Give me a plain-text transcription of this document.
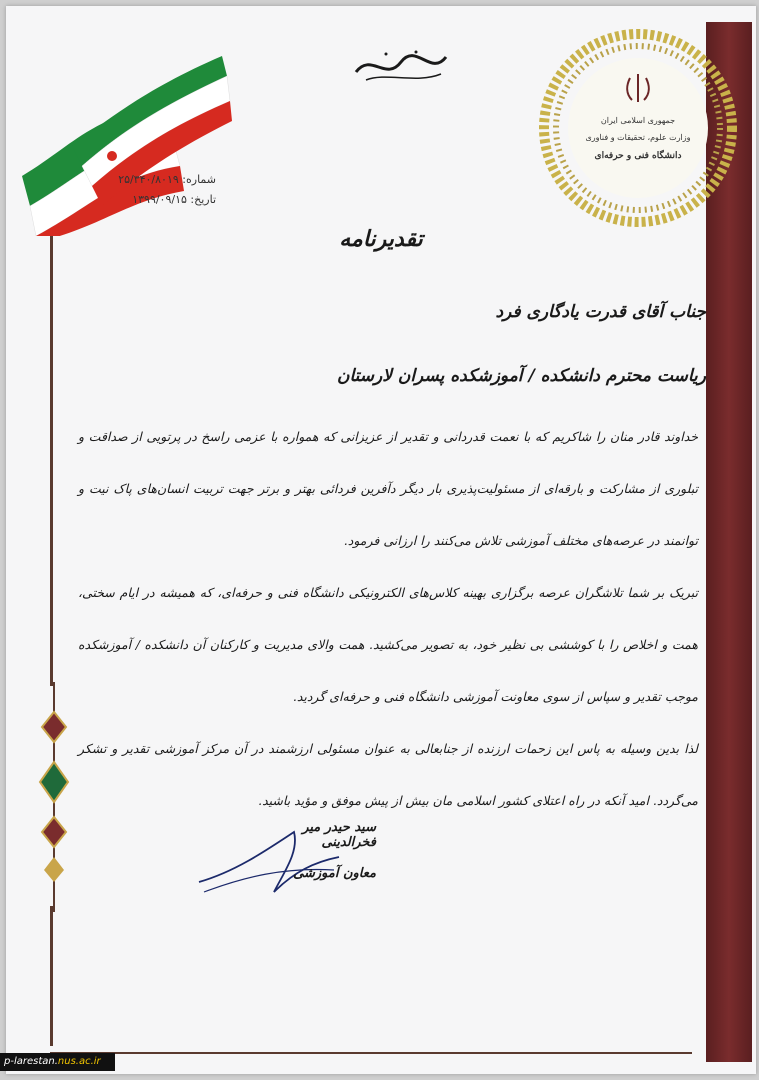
جمهوری اسلامی ایران
وزارت علوم، تحقیقات و فناوری
دانشگاه فنی و حرفه‌ای
شماره: ۲۵/۳۴۰/۸۰۱۹
تاریخ: ۱۳۹۹/۰۹/۱۵
تقدیرنامه
جناب آقای قدرت یادگاری فرد
ریاست محترم دانشکده / آموزشکده پسران لارستان

خداوند قادر منان را شاکریم که با نعمت قدردانی و تقدیر از عزیزانی که همواره با عزمی راسخ در پرتویی از صداقت و تبلوری از مشارکت و بارقه‌ای از مسئولیت‌پذیری بار دیگر دآفرین فردائی بهتر و برتر جهت تربیت انسان‌های پاک نیت و توانمند در عرصه‌های مختلف آموزشی تلاش می‌کنند را ارزانی فرمود.

تبریک بر شما تلاشگران عرصه برگزاری بهینه کلاس‌های الکترونیکی دانشگاه فنی و حرفه‌ای، که همیشه در ایام سختی، همت و اخلاص را با کوششی بی نظیر خود، به تصویر می‌کشید. همت والای مدیریت و کارکنان آن دانشکده / آموزشکده موجب تقدیر و سپاس از سوی معاونت آموزشی دانشگاه فنی و حرفه‌ای گردید.

لذا بدین وسیله به پاس این زحمات ارزنده از جنابعالی به عنوان مسئولی ارزشمند در آن مرکز آموزشی تقدیر و تشکر می‌گردد. امید آنکه در راه اعتلای کشور اسلامی مان بیش از پیش موفق و مؤید باشید.

سید حیدر میر فخرالدینی
معاون آموزشی
p-larestan.nus.ac.ir
